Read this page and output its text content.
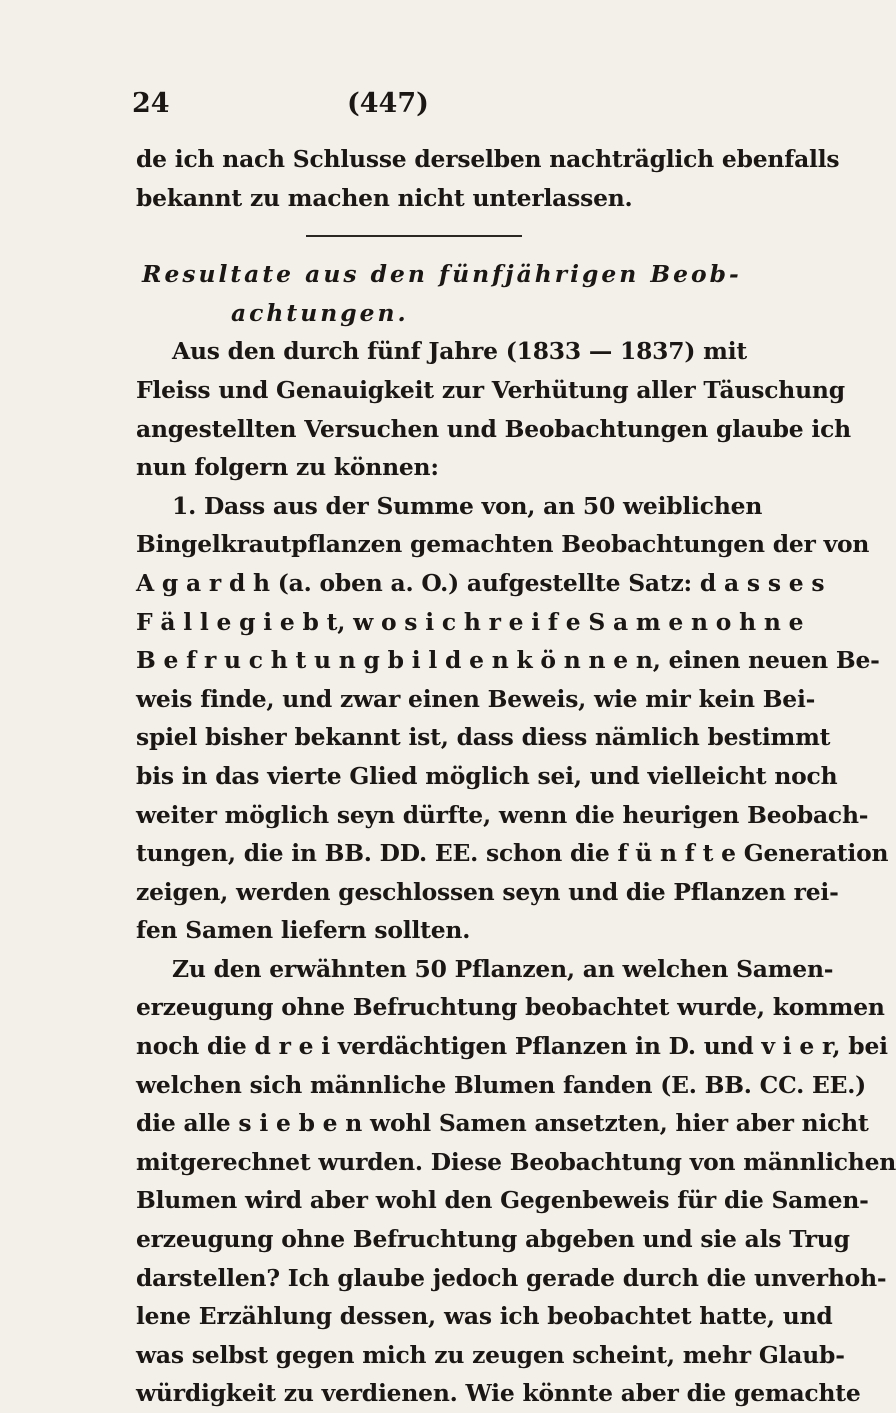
24	(447)
de ich nach Schlusse derselben nachträglich ebenfalls
bekannt zu machen nicht unterlassen.
Resultate aus den fünfjährigen Beob-
achtungen.
Aus den durch fünf Jahre (1833 — 1837) mit
Fleiss und Genauigkeit zur Verhütung aller Täuschung
angestellten Versuchen und Beobachtungen glaube ich
nun folgern zu können:
1. Dass aus der Summe von, an 50 weiblichen
Bingelkrautpflanzen gemachten Beobachtungen der von
A g a r d h (a. oben a. O.) aufgestellte Satz: d a s s e s
F ä l l e g i e b t, w o s i c h r e i f e S a m e n o h n e
B e f r u c h t u n g b i l d e n k ö n n e n, einen neuen Be-
weis finde, und zwar einen Beweis, wie mir kein Bei-
spiel bisher bekannt ist, dass diess nämlich bestimmt
bis in das vierte Glied möglich sei, und vielleicht noch
weiter möglich seyn dürfte, wenn die heurigen Beobach-
tungen, die in BB. DD. EE. schon die f ü n f t e Generation
zeigen, werden geschlossen seyn und die Pflanzen rei-
fen Samen liefern sollten.
Zu den erwähnten 50 Pflanzen, an welchen Samen-
erzeugung ohne Befruchtung beobachtet wurde, kommen
noch die d r e i verdächtigen Pflanzen in D. und v i e r, bei
welchen sich männliche Blumen fanden (E. BB. CC. EE.)
die alle s i e b e n wohl Samen ansetzten, hier aber nicht
mitgerechnet wurden. Diese Beobachtung von männlichen
Blumen wird aber wohl den Gegenbeweis für die Samen-
erzeugung ohne Befruchtung abgeben und sie als Trug
darstellen? Ich glaube jedoch gerade durch die unverhoh-
lene Erzählung dessen, was ich beobachtet hatte, und
was selbst gegen mich zu zeugen scheint, mehr Glaub-
würdigkeit zu verdienen. Wie könnte aber die gemachte
